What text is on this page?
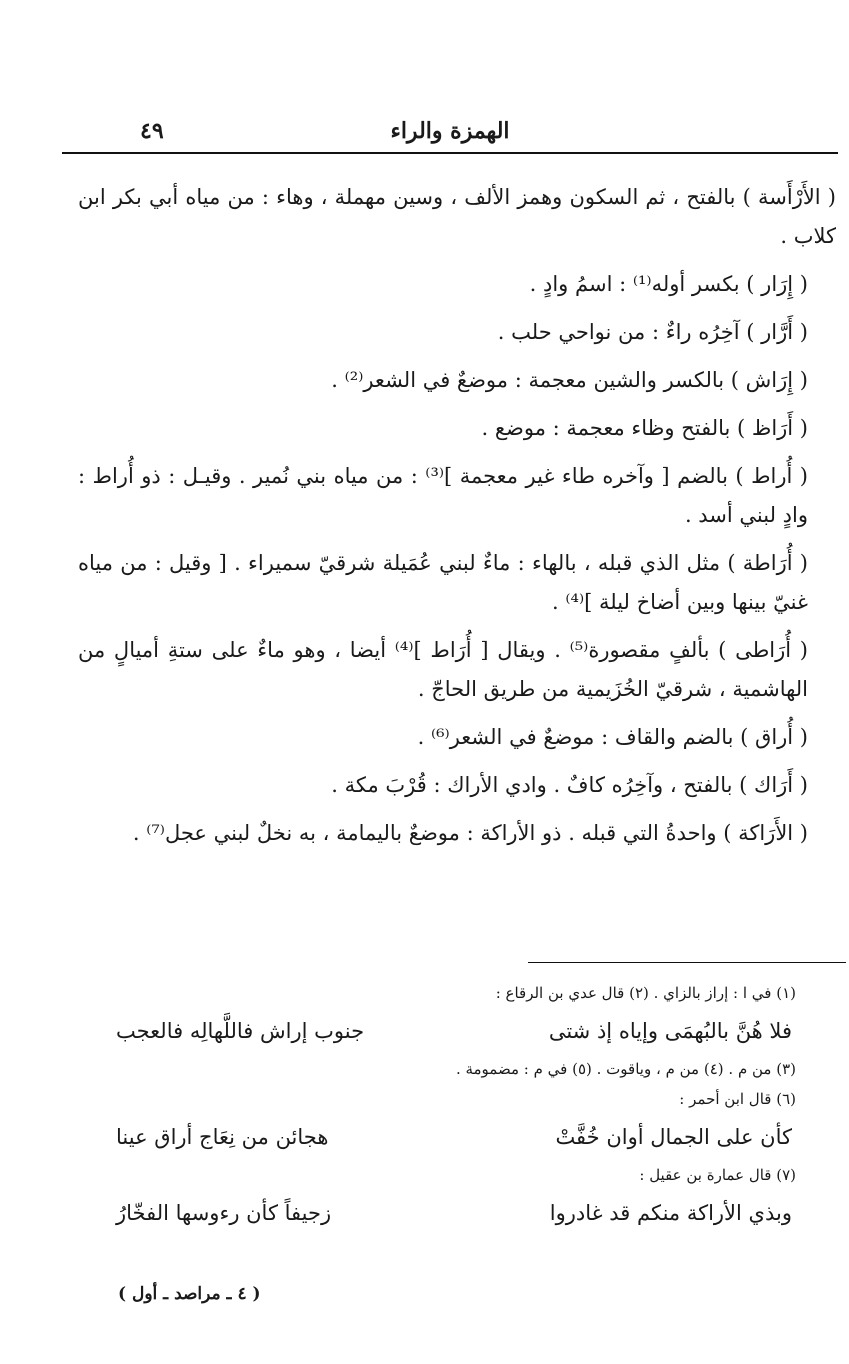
الهمزة والراء
٤٩

( الأَرْأَسة ) بالفتح ، ثم السكون وهمز الألف ، وسين مهملة ، وهاء : من مياه أبي بكر ابن كلاب .

( إِرَار ) بكسر أوله⁽¹⁾ : اسمُ وادٍ .

( أَرَّار ) آخِرُه راءٌ : من نواحي حلب .

( إِرَاش ) بالكسر والشين معجمة : موضعٌ في الشعر⁽²⁾ .

( أَرَاظ ) بالفتح وظاء معجمة : موضع .

( أُراط ) بالضم [ وآخره طاء غير معجمة ]⁽³⁾ : من مياه بني نُمير . وقيـل : ذو أُراط : وادٍ لبني أسد .

( أُرَاطة ) مثل الذي قبله ، بالهاء : ماءٌ لبني عُمَيلة شرقيّ سميراء . [ وقيل : من مياه غنيّ بينها وبين أضاخ ليلة ]⁽⁴⁾ .

( أُرَاطى ) بألفٍ مقصورة⁽⁵⁾ . ويقال [ أُرَاط ]⁽⁴⁾ أيضا ، وهو ماءٌ على ستةِ أميالٍ من الهاشمية ، شرقيّ الخُزَيمية من طريق الحاجّ .

( أُراق ) بالضم والقاف : موضعٌ في الشعر⁽⁶⁾ .

( أَرَاك ) بالفتح ، وآخِرُه كافٌ . وادي الأراك : قُرْبَ مكة .

( الأَرَاكة ) واحدةُ التي قبله . ذو الأراكة : موضعٌ باليمامة ، به نخلٌ لبني عجل⁽⁷⁾ .

(١) في ا : إراز بالزاي . (٢) قال عدي بن الرقاع :
فلا هُنَّ بالبُهمَى وإياه إذ شتى
جنوب إراش فاللَّهالِه فالعجب
(٣) من م . (٤) من م ، وياقوت . (٥) في م : مضمومة .
(٦) قال ابن أحمر :
كأن على الجمال أوان خُفَّتْ
هجائن من نِعَاج أراق عينا
(٧) قال عمارة بن عقيل :
وبذي الأراكة منكم قد غادروا
زجيفاً كأن رءوسها الفخّارُ
( ٤ ـ مراصد ـ أول )
